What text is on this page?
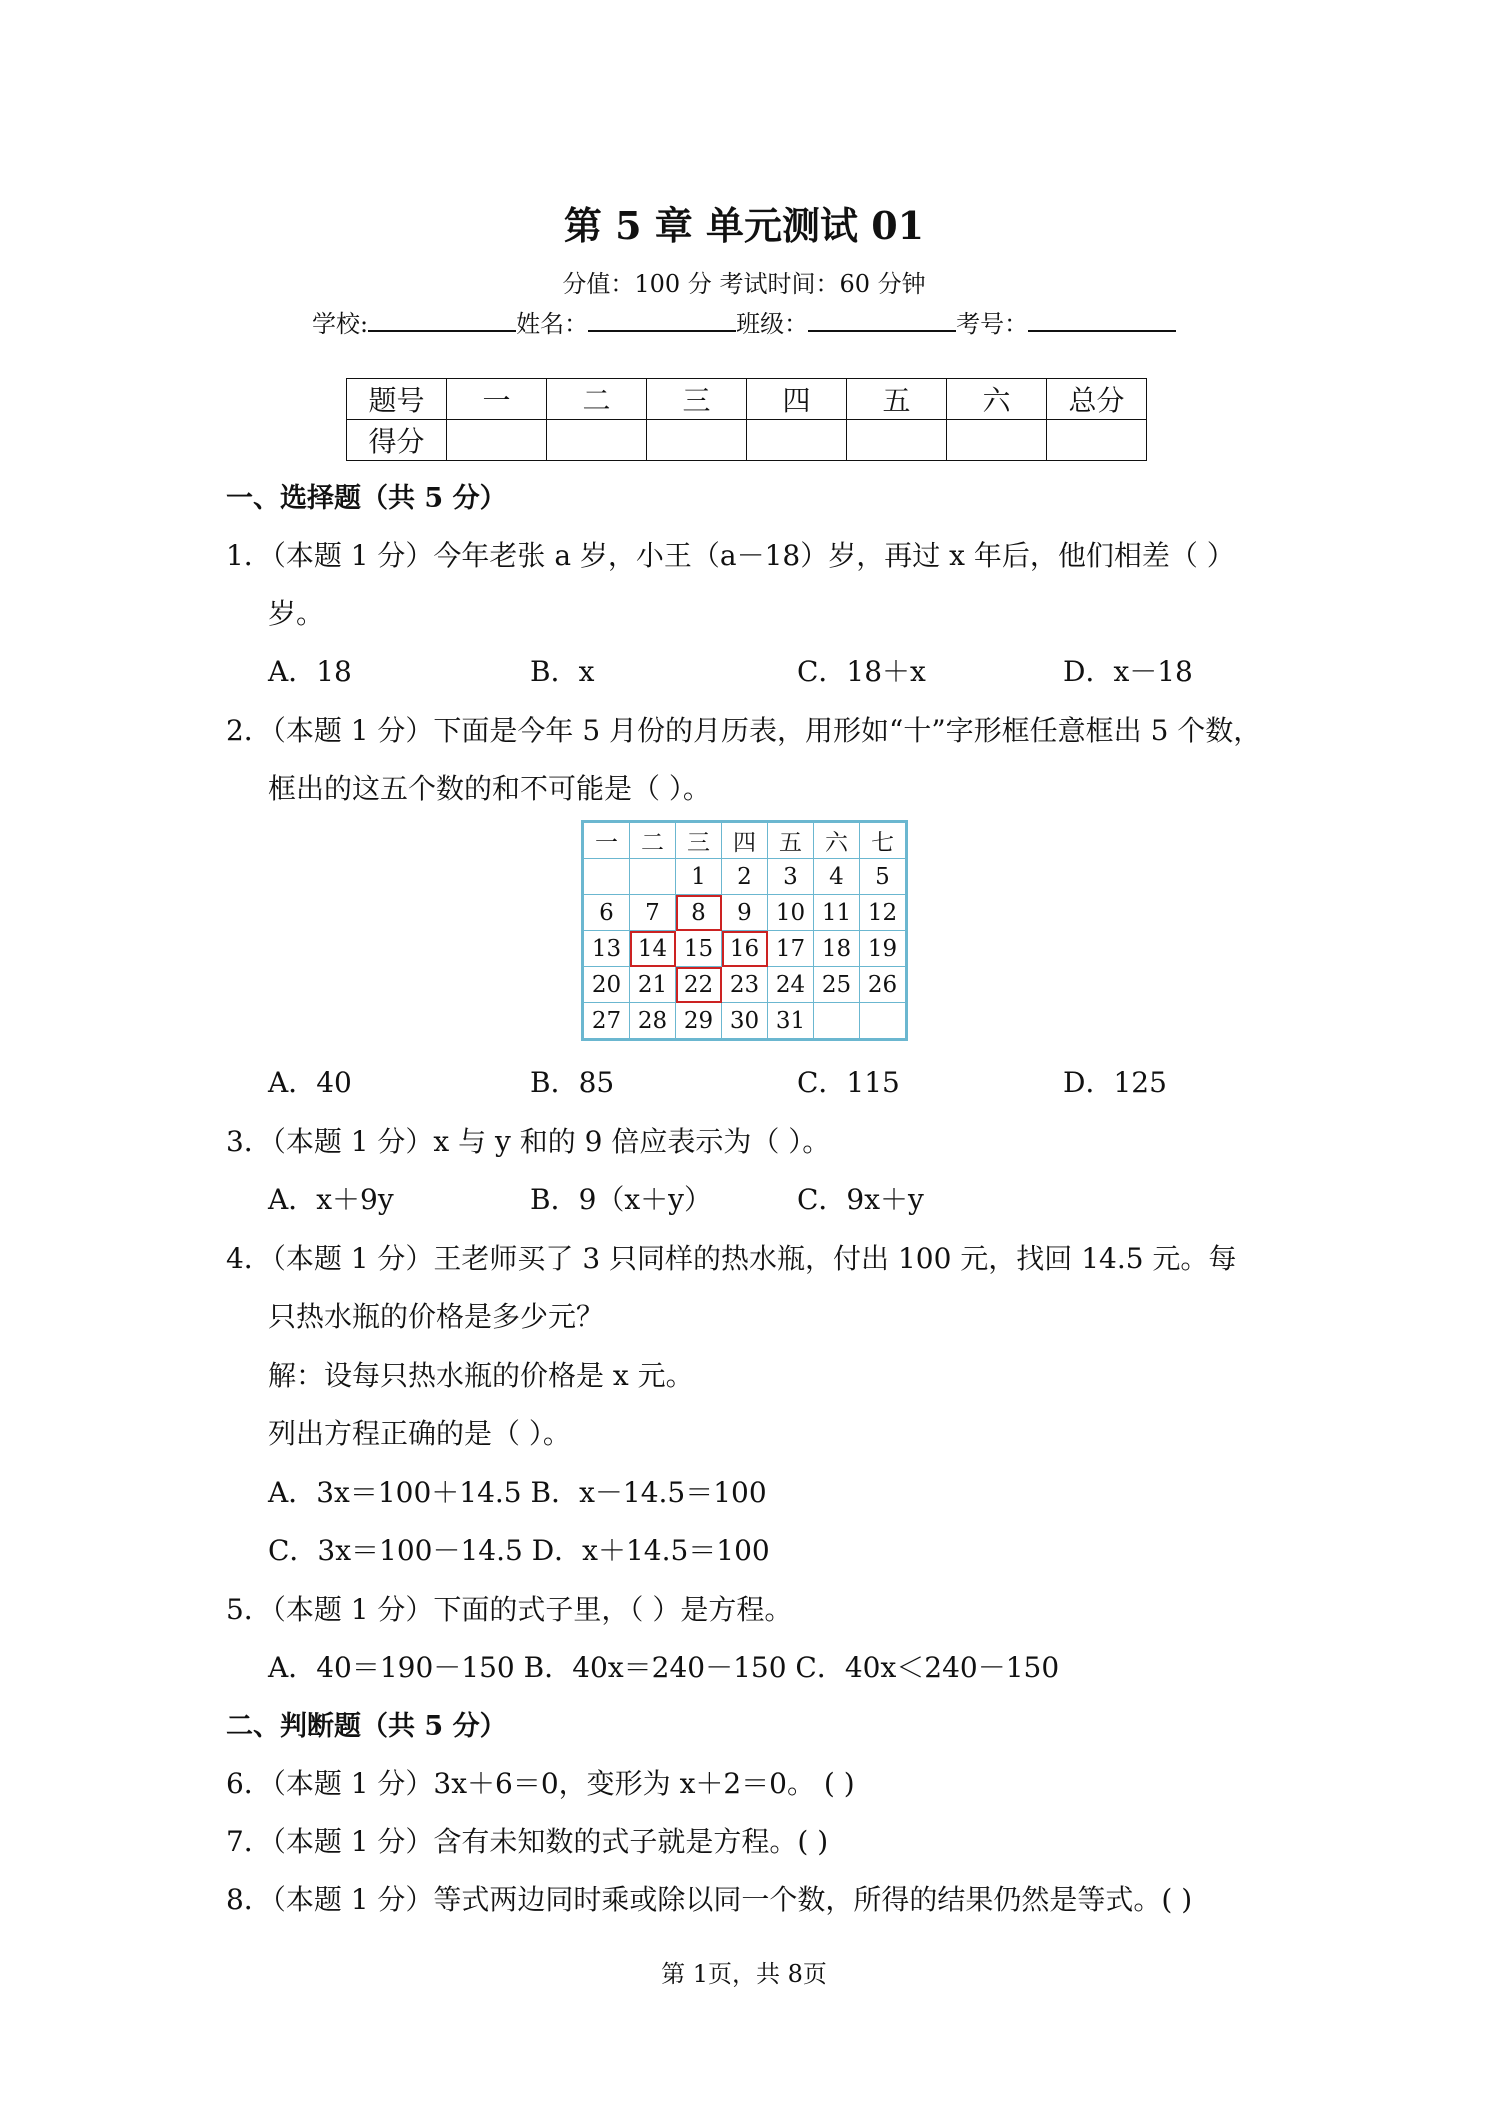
第 5 章 单元测试 01
分值：100 分 考试时间：60 分钟
学校:	姓名：	班级：	考号：
题号	一	二	三	四	五	六	总分
得分							
一、选择题（共 5 分）
1．（本题 1 分）今年老张 a 岁，小王（a－18）岁，再过 x 年后，他们相差（ ）
岁。
A．18	B．x	C．18＋x	D．x－18
2．（本题 1 分）下面是今年 5 月份的月历表，用形如“十”字形框任意框出 5 个数，
框出的这五个数的和不可能是（ ）。
一	二	三	四	五	六	七
		1	2	3	4	5
6	7	8	9	10	11	12
13	14	15	16	17	18	19
20	21	22	23	24	25	26
27	28	29	30	31		
A．40	B．85	C．115	D．125
3．（本题 1 分）x 与 y 和的 9 倍应表示为（ ）。
A．x＋9y	B．9（x＋y）	C．9x＋y
4．（本题 1 分）王老师买了 3 只同样的热水瓶，付出 100 元，找回 14.5 元。每
只热水瓶的价格是多少元？
解：设每只热水瓶的价格是 x 元。
列出方程正确的是（ ）。
A．3x＝100＋14.5 B．x－14.5＝100
C．3x＝100－14.5 D．x＋14.5＝100
5．（本题 1 分）下面的式子里，（ ）是方程。
A．40＝190－150 B．40x＝240－150 C．40x＜240－150
二、判断题（共 5 分）
6．（本题 1 分）3x＋6＝0，变形为 x＋2＝0。 ( )
7．（本题 1 分）含有未知数的式子就是方程。( )
8．（本题 1 分）等式两边同时乘或除以同一个数，所得的结果仍然是等式。( )
第 1页，共 8页
